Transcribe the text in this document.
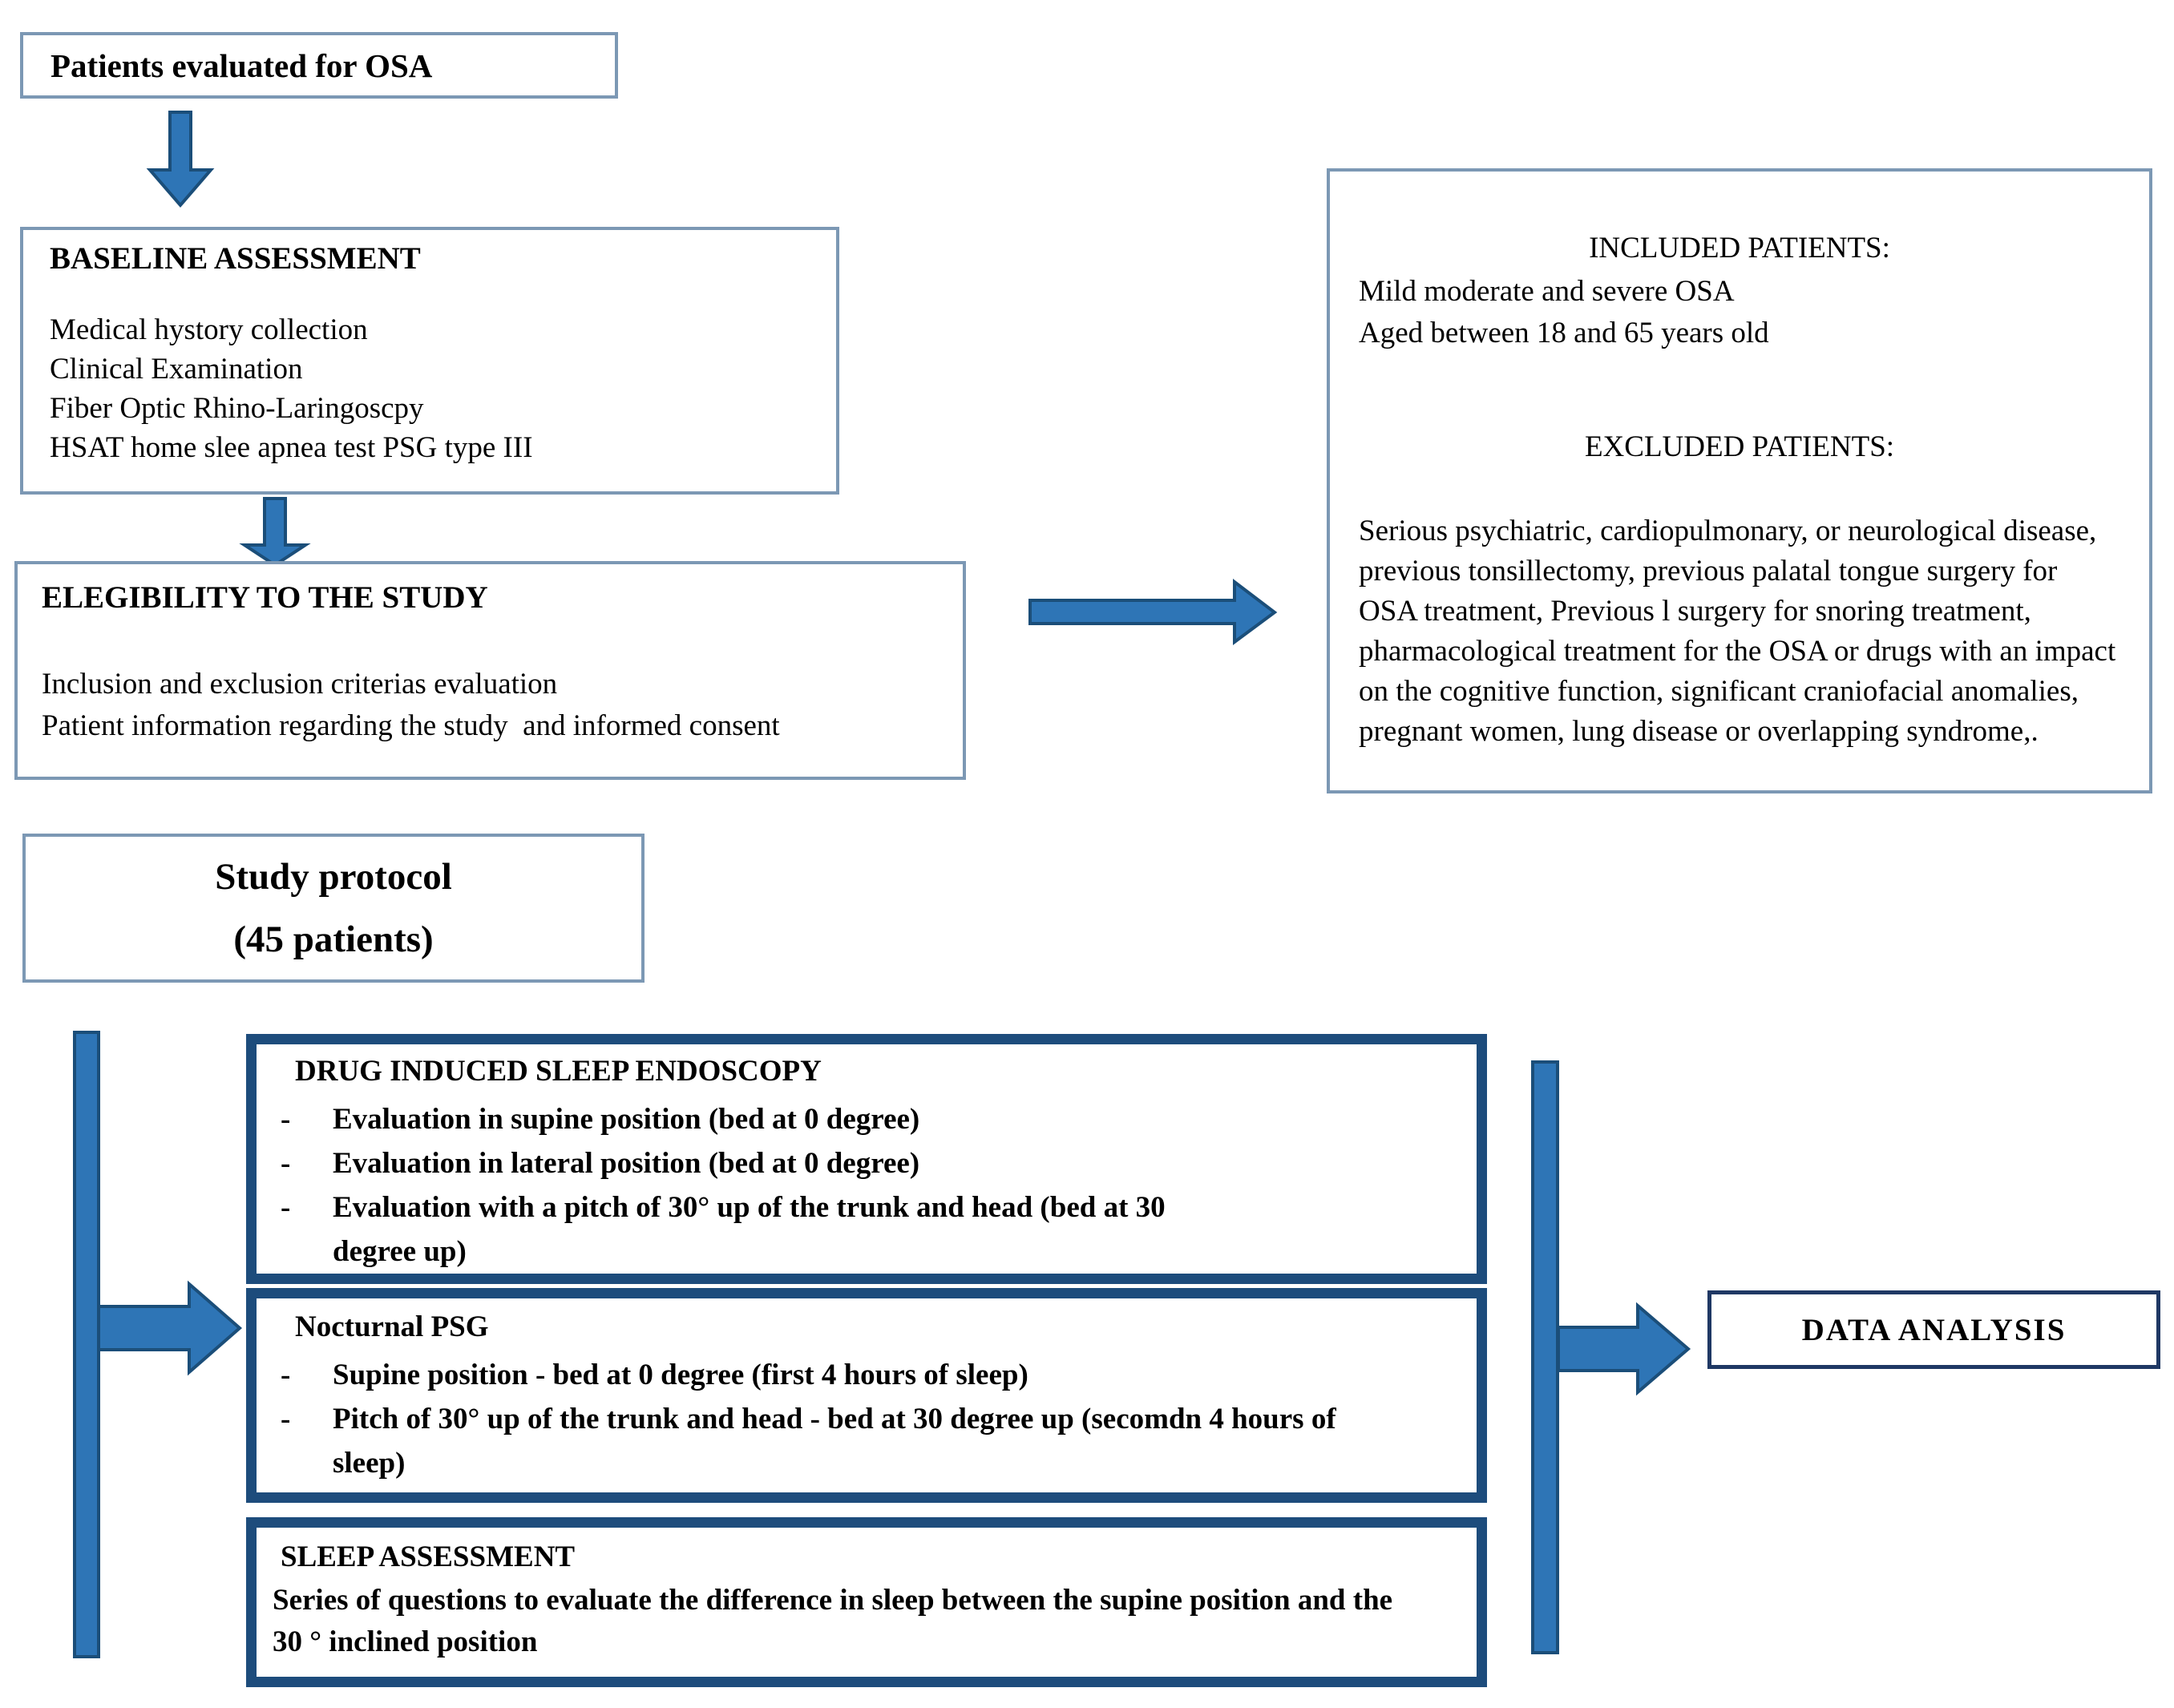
Patients evaluated for OSA
BASELINE ASSESSMENT
Medical hystory collection
Clinical Examination
Fiber Optic Rhino-Laringoscpy
HSAT home slee apnea test PSG type III
ELEGIBILITY TO THE STUDY
Inclusion and exclusion criterias evaluation
Patient information regarding the study  and informed consent
INCLUDED PATIENTS:
Mild moderate and severe OSA
Aged between 18 and 65 years old
EXCLUDED PATIENTS:
Serious psychiatric, cardiopulmonary, or neurological disease, previous tonsillectomy, previous palatal tongue surgery for OSA treatment, Previous l surgery for snoring treatment, pharmacological treatment for the OSA or drugs with an impact on the cognitive function, significant craniofacial anomalies, pregnant women, lung disease or overlapping syndrome,.
Study protocol
(45 patients)
DRUG INDUCED SLEEP ENDOSCOPY
-	Evaluation in supine position (bed at 0 degree)
-	Evaluation in lateral position (bed at 0 degree)
-	Evaluation with a pitch of 30° up of the trunk and head (bed at 30 degree up)
Nocturnal PSG
-	Supine position - bed at 0 degree (first 4 hours of sleep)
-	Pitch of 30° up of the trunk and head - bed at 30 degree up (secomdn 4 hours of sleep)
SLEEP ASSESSMENT
Series of questions to evaluate the difference in sleep between the supine position and the 30 ° inclined position
DATA ANALYSIS
